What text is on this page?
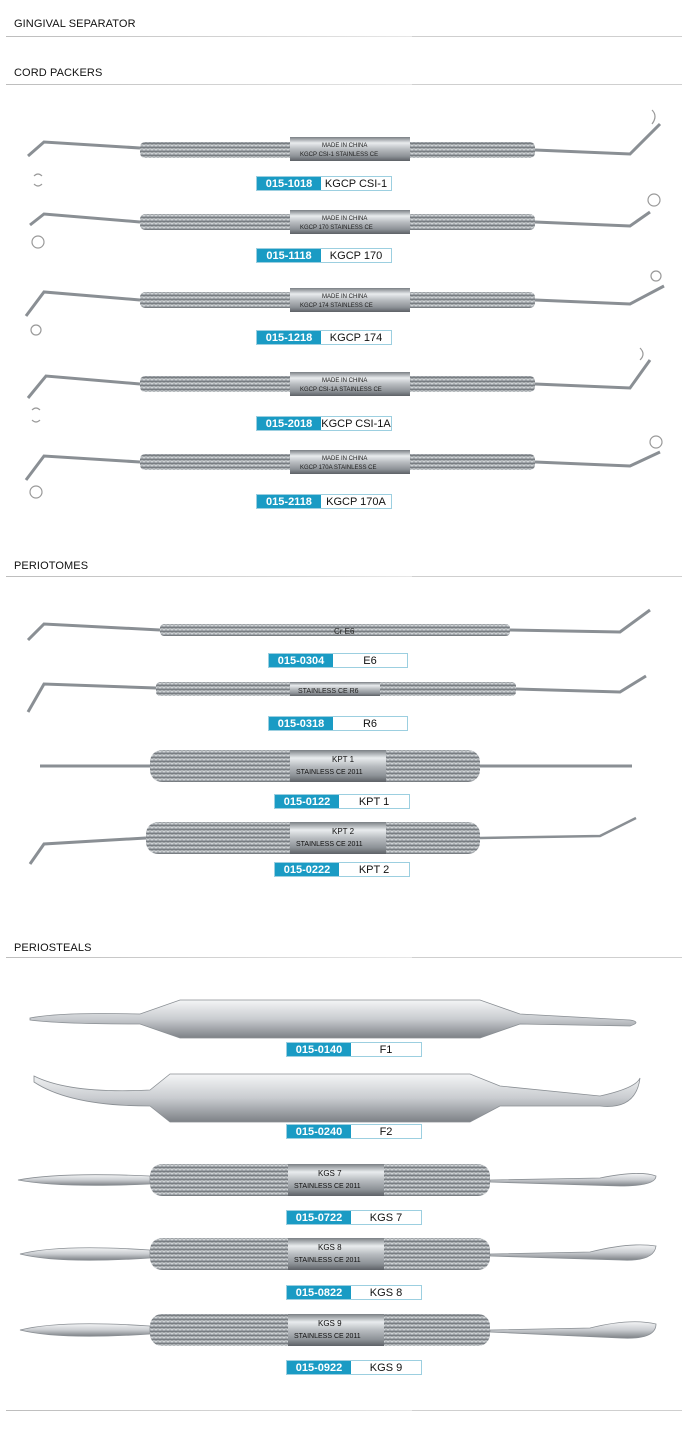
GINGIVAL SEPARATOR
CORD PACKERS
MADE IN CHINA
KGCP CSI-1 STAINLESS CE
015-1018	KGCP CSI-1
MADE IN CHINA
KGCP 170 STAINLESS CE
015-1118	KGCP 170
MADE IN CHINA
KGCP 174 STAINLESS CE
015-1218	KGCP 174
MADE IN CHINA
KGCP CSI-1A STAINLESS CE
015-2018 KGCP CSI-1A
MADE IN CHINA
KGCP 170A STAINLESS CE
015-2118	KGCP 170A
PERIOTOMES
Cr E6
015-0304	E6
STAINLESS CE R6
015-0318	R6
KPT 1
STAINLESS CE 2011
015-0122	KPT 1
KPT 2
STAINLESS CE 2011
015-0222	KPT 2
PERIOSTEALS
015-0140	F1
015-0240	F2
KGS 7
STAINLESS CE 2011
015-0722	KGS 7
KGS 8
STAINLESS CE 2011
015-0822	KGS 8
KGS 9
STAINLESS CE 2011
015-0922	KGS 9
